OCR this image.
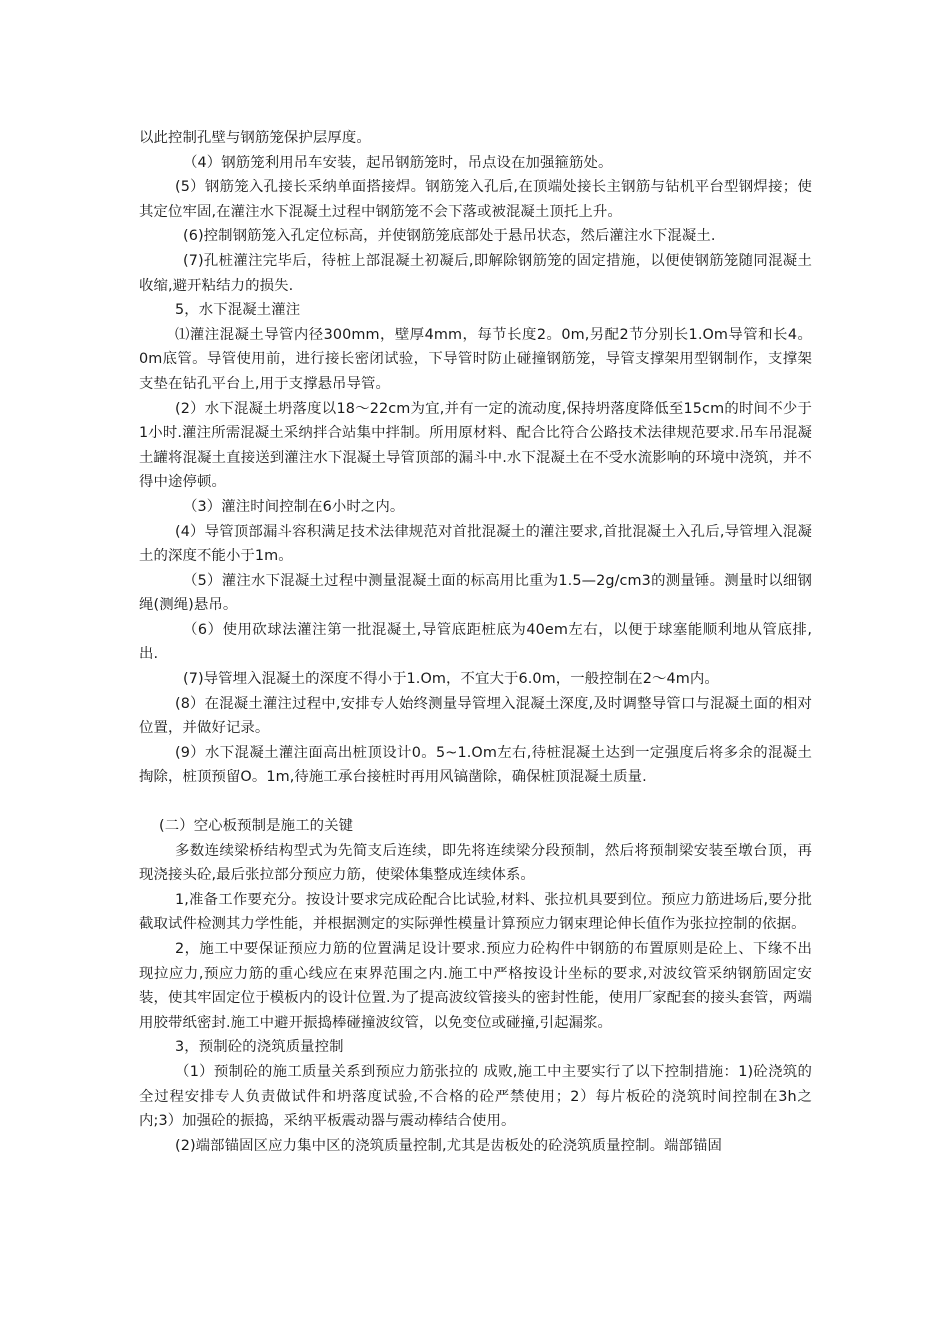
以此控制孔壁与钢筋笼保护层厚度。

（4）钢筋笼利用吊车安装，起吊钢筋笼时，吊点设在加强箍筋处。

(5）钢筋笼入孔接长采纳单面搭接焊。钢筋笼入孔后,在顶端处接长主钢筋与钻机平台型钢焊接；使其定位牢固,在灌注水下混凝土过程中钢筋笼不会下落或被混凝土顶托上升。

(6)控制钢筋笼入孔定位标高，并使钢筋笼底部处于悬吊状态，然后灌注水下混凝土.

(7)孔桩灌注完毕后，待桩上部混凝土初凝后,即解除钢筋笼的固定措施，以便使钢筋笼随同混凝土收缩,避开粘结力的损失.

5，水下混凝土灌注

⑴灌注混凝土导管内径300mm，壁厚4mm，每节长度2。0m,另配2节分别长1.Om导管和长4。0m底管。导管使用前，进行接长密闭试验，下导管时防止碰撞钢筋笼，导管支撑架用型钢制作，支撑架支垫在钻孔平台上,用于支撑悬吊导管。

(2）水下混凝土坍落度以18～22cm为宜,并有一定的流动度,保持坍落度降低至15cm的时间不少于1小时.灌注所需混凝土采纳拌合站集中拌制。所用原材料、配合比符合公路技术法律规范要求.吊车吊混凝土罐将混凝土直接送到灌注水下混凝土导管顶部的漏斗中.水下混凝土在不受水流影响的环境中浇筑，并不得中途停顿。

（3）灌注时间控制在6小时之内。

(4）导管顶部漏斗容积满足技术法律规范对首批混凝土的灌注要求,首批混凝土入孔后,导管埋入混凝土的深度不能小于1m。

（5）灌注水下混凝土过程中测量混凝土面的标高用比重为1.5—2g/cm3的测量锤。测量时以细钢绳(测绳)悬吊。

（6）使用砍球法灌注第一批混凝土,导管底距桩底为40em左右，以便于球塞能顺利地从管底排,出.

(7)导管埋入混凝土的深度不得小于1.Om，不宜大于6.0m，一般控制在2～4m内。

(8）在混凝土灌注过程中,安排专人始终测量导管埋入混凝土深度,及时调整导管口与混凝土面的相对位置，并做好记录。

(9）水下混凝土灌注面高出桩顶设计0。5~1.Om左右,待桩混凝土达到一定强度后将多余的混凝土掏除，桩顶预留O。1m,待施工承台接桩时再用风镐凿除，确保桩顶混凝土质量.

(二）空心板预制是施工的关键

多数连续梁桥结构型式为先简支后连续，即先将连续梁分段预制，然后将预制梁安装至墩台顶，再现浇接头砼,最后张拉部分预应力筋，使梁体集整成连续体系。

1,准备工作要充分。按设计要求完成砼配合比试验,材料、张拉机具要到位。预应力筋进场后,要分批截取试件检测其力学性能，并根据测定的实际弹性模量计算预应力钢束理论伸长值作为张拉控制的依据。

2，施工中要保证预应力筋的位置满足设计要求.预应力砼构件中钢筋的布置原则是砼上、下缘不出现拉应力,预应力筋的重心线应在束界范围之内.施工中严格按设计坐标的要求,对波纹管采纳钢筋固定安装，使其牢固定位于模板内的设计位置.为了提高波纹管接头的密封性能，使用厂家配套的接头套管，两端用胶带纸密封.施工中避开振捣棒碰撞波纹管，以免变位或碰撞,引起漏浆。

3，预制砼的浇筑质量控制

（1）预制砼的施工质量关系到预应力筋张拉的 成败,施工中主要实行了以下控制措施：1)砼浇筑的全过程安排专人负责做试件和坍落度试验,不合格的砼严禁使用；2）每片板砼的浇筑时间控制在3h之内;3）加强砼的振捣，采纳平板震动器与震动棒结合使用。

(2)端部锚固区应力集中区的浇筑质量控制,尤其是齿板处的砼浇筑质量控制。端部锚固
